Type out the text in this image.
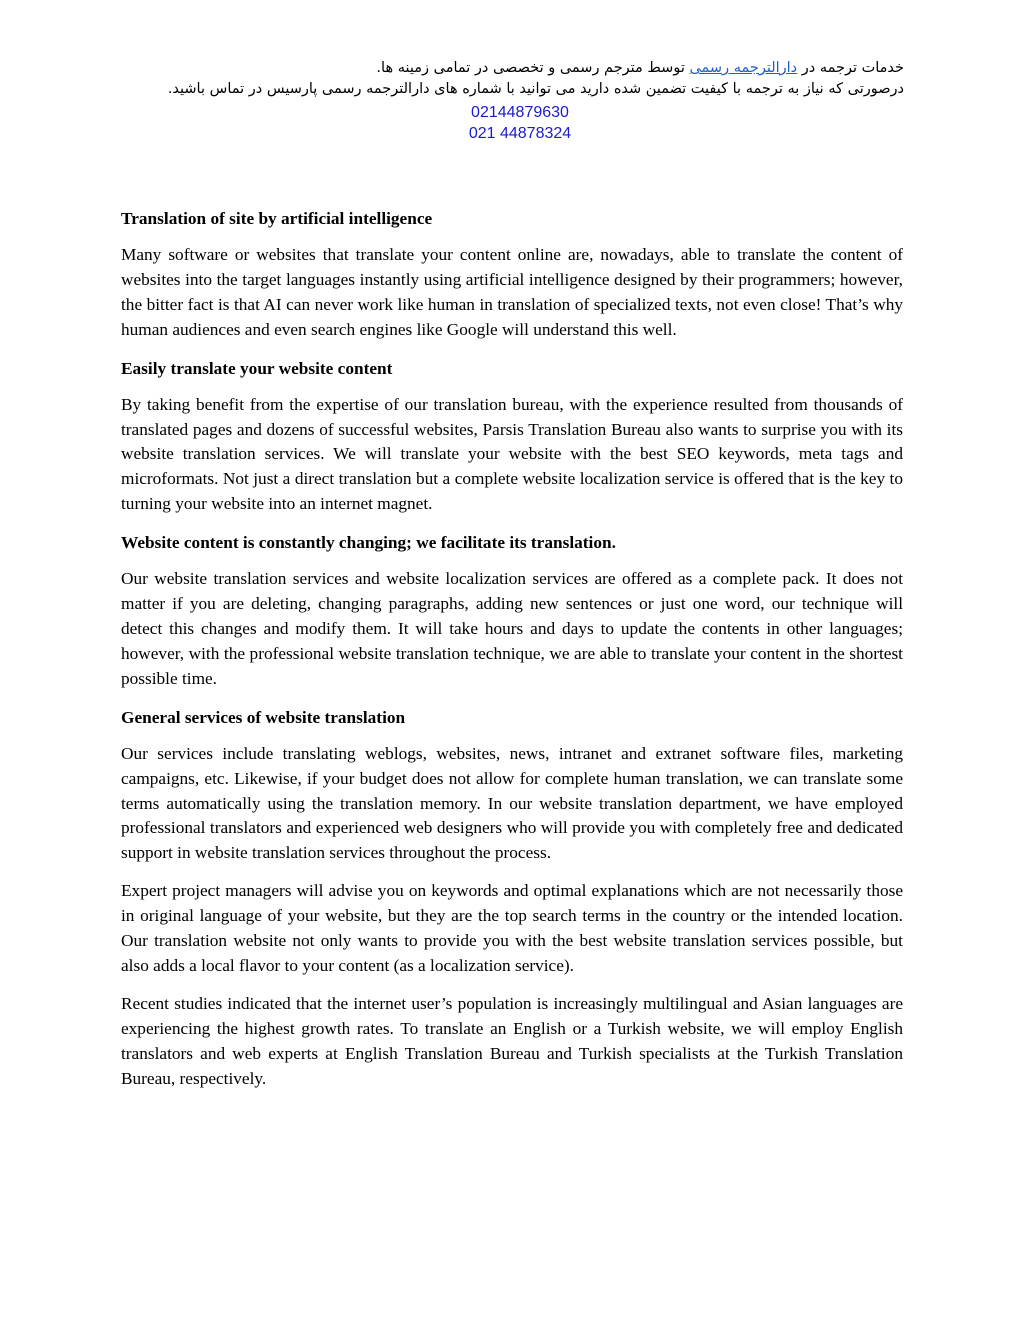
خدمات ترجمه در دارالترجمه رسمی توسط مترجم رسمی و تخصصی در تمامی زمینه ها.
درصورتی که نیاز به ترجمه با کیفیت تضمین شده دارید می توانید با شماره های دارالترجمه رسمی پارسیس در تماس باشید.
02144879630
021 44878324
Translation of site by artificial intelligence

Many software or websites that translate your content online are, nowadays, able to translate the content of websites into the target languages instantly using artificial intelligence designed by their programmers; however, the bitter fact is that AI can never work like human in translation of specialized texts, not even close! That’s why human audiences and even search engines like Google will understand this well.

Easily translate your website content

By taking benefit from the expertise of our translation bureau, with the experience resulted from thousands of translated pages and dozens of successful websites, Parsis Translation Bureau also wants to surprise you with its website translation services. We will translate your website with the best SEO keywords, meta tags and microformats. Not just a direct translation but a complete website localization service is offered that is the key to turning your website into an internet magnet.

Website content is constantly changing; we facilitate its translation.

Our website translation services and website localization services are offered as a complete pack. It does not matter if you are deleting, changing paragraphs, adding new sentences or just one word, our technique will detect this changes and modify them. It will take hours and days to update the contents in other languages; however, with the professional website translation technique, we are able to translate your content in the shortest possible time.

General services of website translation

Our services include translating weblogs, websites, news, intranet and extranet software files, marketing campaigns, etc. Likewise, if your budget does not allow for complete human translation, we can translate some terms automatically using the translation memory. In our website translation department, we have employed professional translators and experienced web designers who will provide you with completely free and dedicated support in website translation services throughout the process.

Expert project managers will advise you on keywords and optimal explanations which are not necessarily those in original language of your website, but they are the top search terms in the country or the intended location. Our translation website not only wants to provide you with the best website translation services possible, but also adds a local flavor to your content (as a localization service).

Recent studies indicated that the internet user’s population is increasingly multilingual and Asian languages are experiencing the highest growth rates. To translate an English or a Turkish website, we will employ English translators and web experts at English Translation Bureau and Turkish specialists at the Turkish Translation Bureau, respectively.
